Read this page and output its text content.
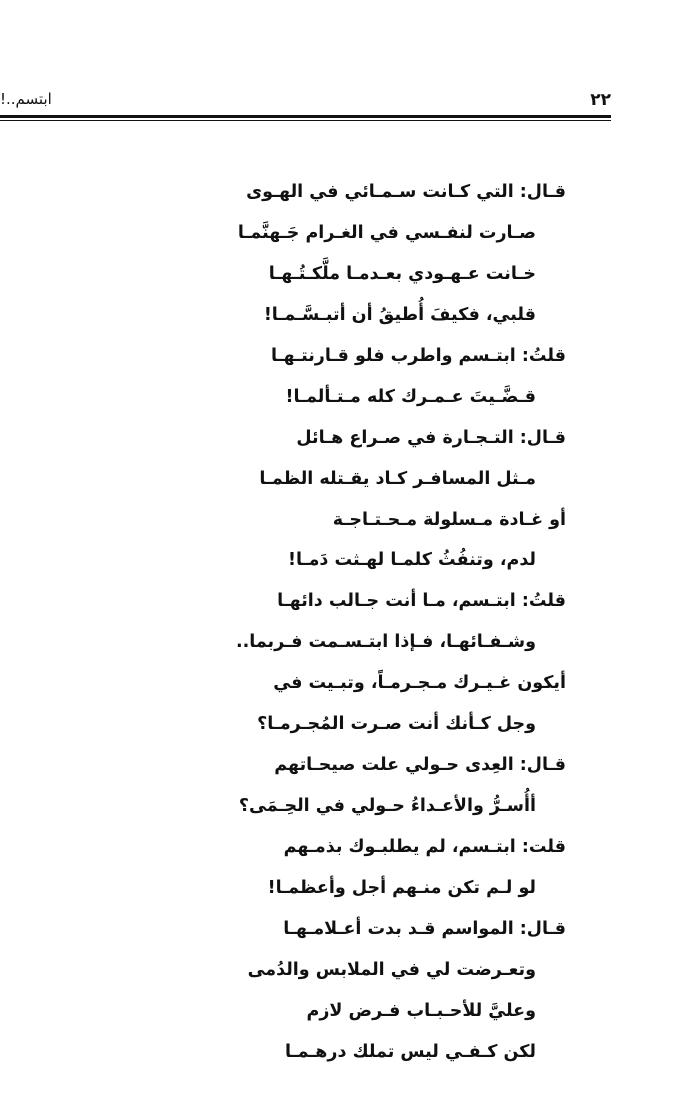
٢٢
ابتسم..!
قـال: التي كـانت سـمـائي في الهـوى
صـارت لنفـسي في الغـرام جَـهنَّمـا
خـانت عـهـودي بعـدمـا ملَّكـتُـهـا
قلبي، فكيفَ أُطيقُ أن أتبـسَّـمـا!
قلتُ: ابتـسم واطرب فلو قـارنتـهـا
قـضَّـيتَ عـمـرك كله مـتـألمـا!
قـال: التـجـارة في صـراع هـائل
مـثل المسافـر كـاد يقـتله الظمـا
أو غـادة مـسلولة مـحـتـاجـة
لدم، وتنفُثُ كلمـا لهـثت دَمـا!
قلتُ: ابتـسم، مـا أنت جـالب دائهـا
وشـفـائهـا، فـإذا ابتـسـمت فـربما..
أيكون غـيـرك مـجـرمـاً، وتبـيت في
وجل كـأنك أنت صـرت المُجـرمـا؟
قـال: العِدى حـولي علت صيحـاتهم
أأُسـرُّ والأعـداءُ حـولي في الحِـمَى؟
قلت: ابتـسم، لم يطلبـوك بذمـهم
لو لـم تكن منـهم أجل وأعظمـا!
قـال: المواسم قـد بدت أعـلامـهـا
وتعـرضت لي في الملابس والدُمى
وعليَّ للأحـبـاب فـرض لازم
لكن كـفـي ليس تملك درهـمـا
